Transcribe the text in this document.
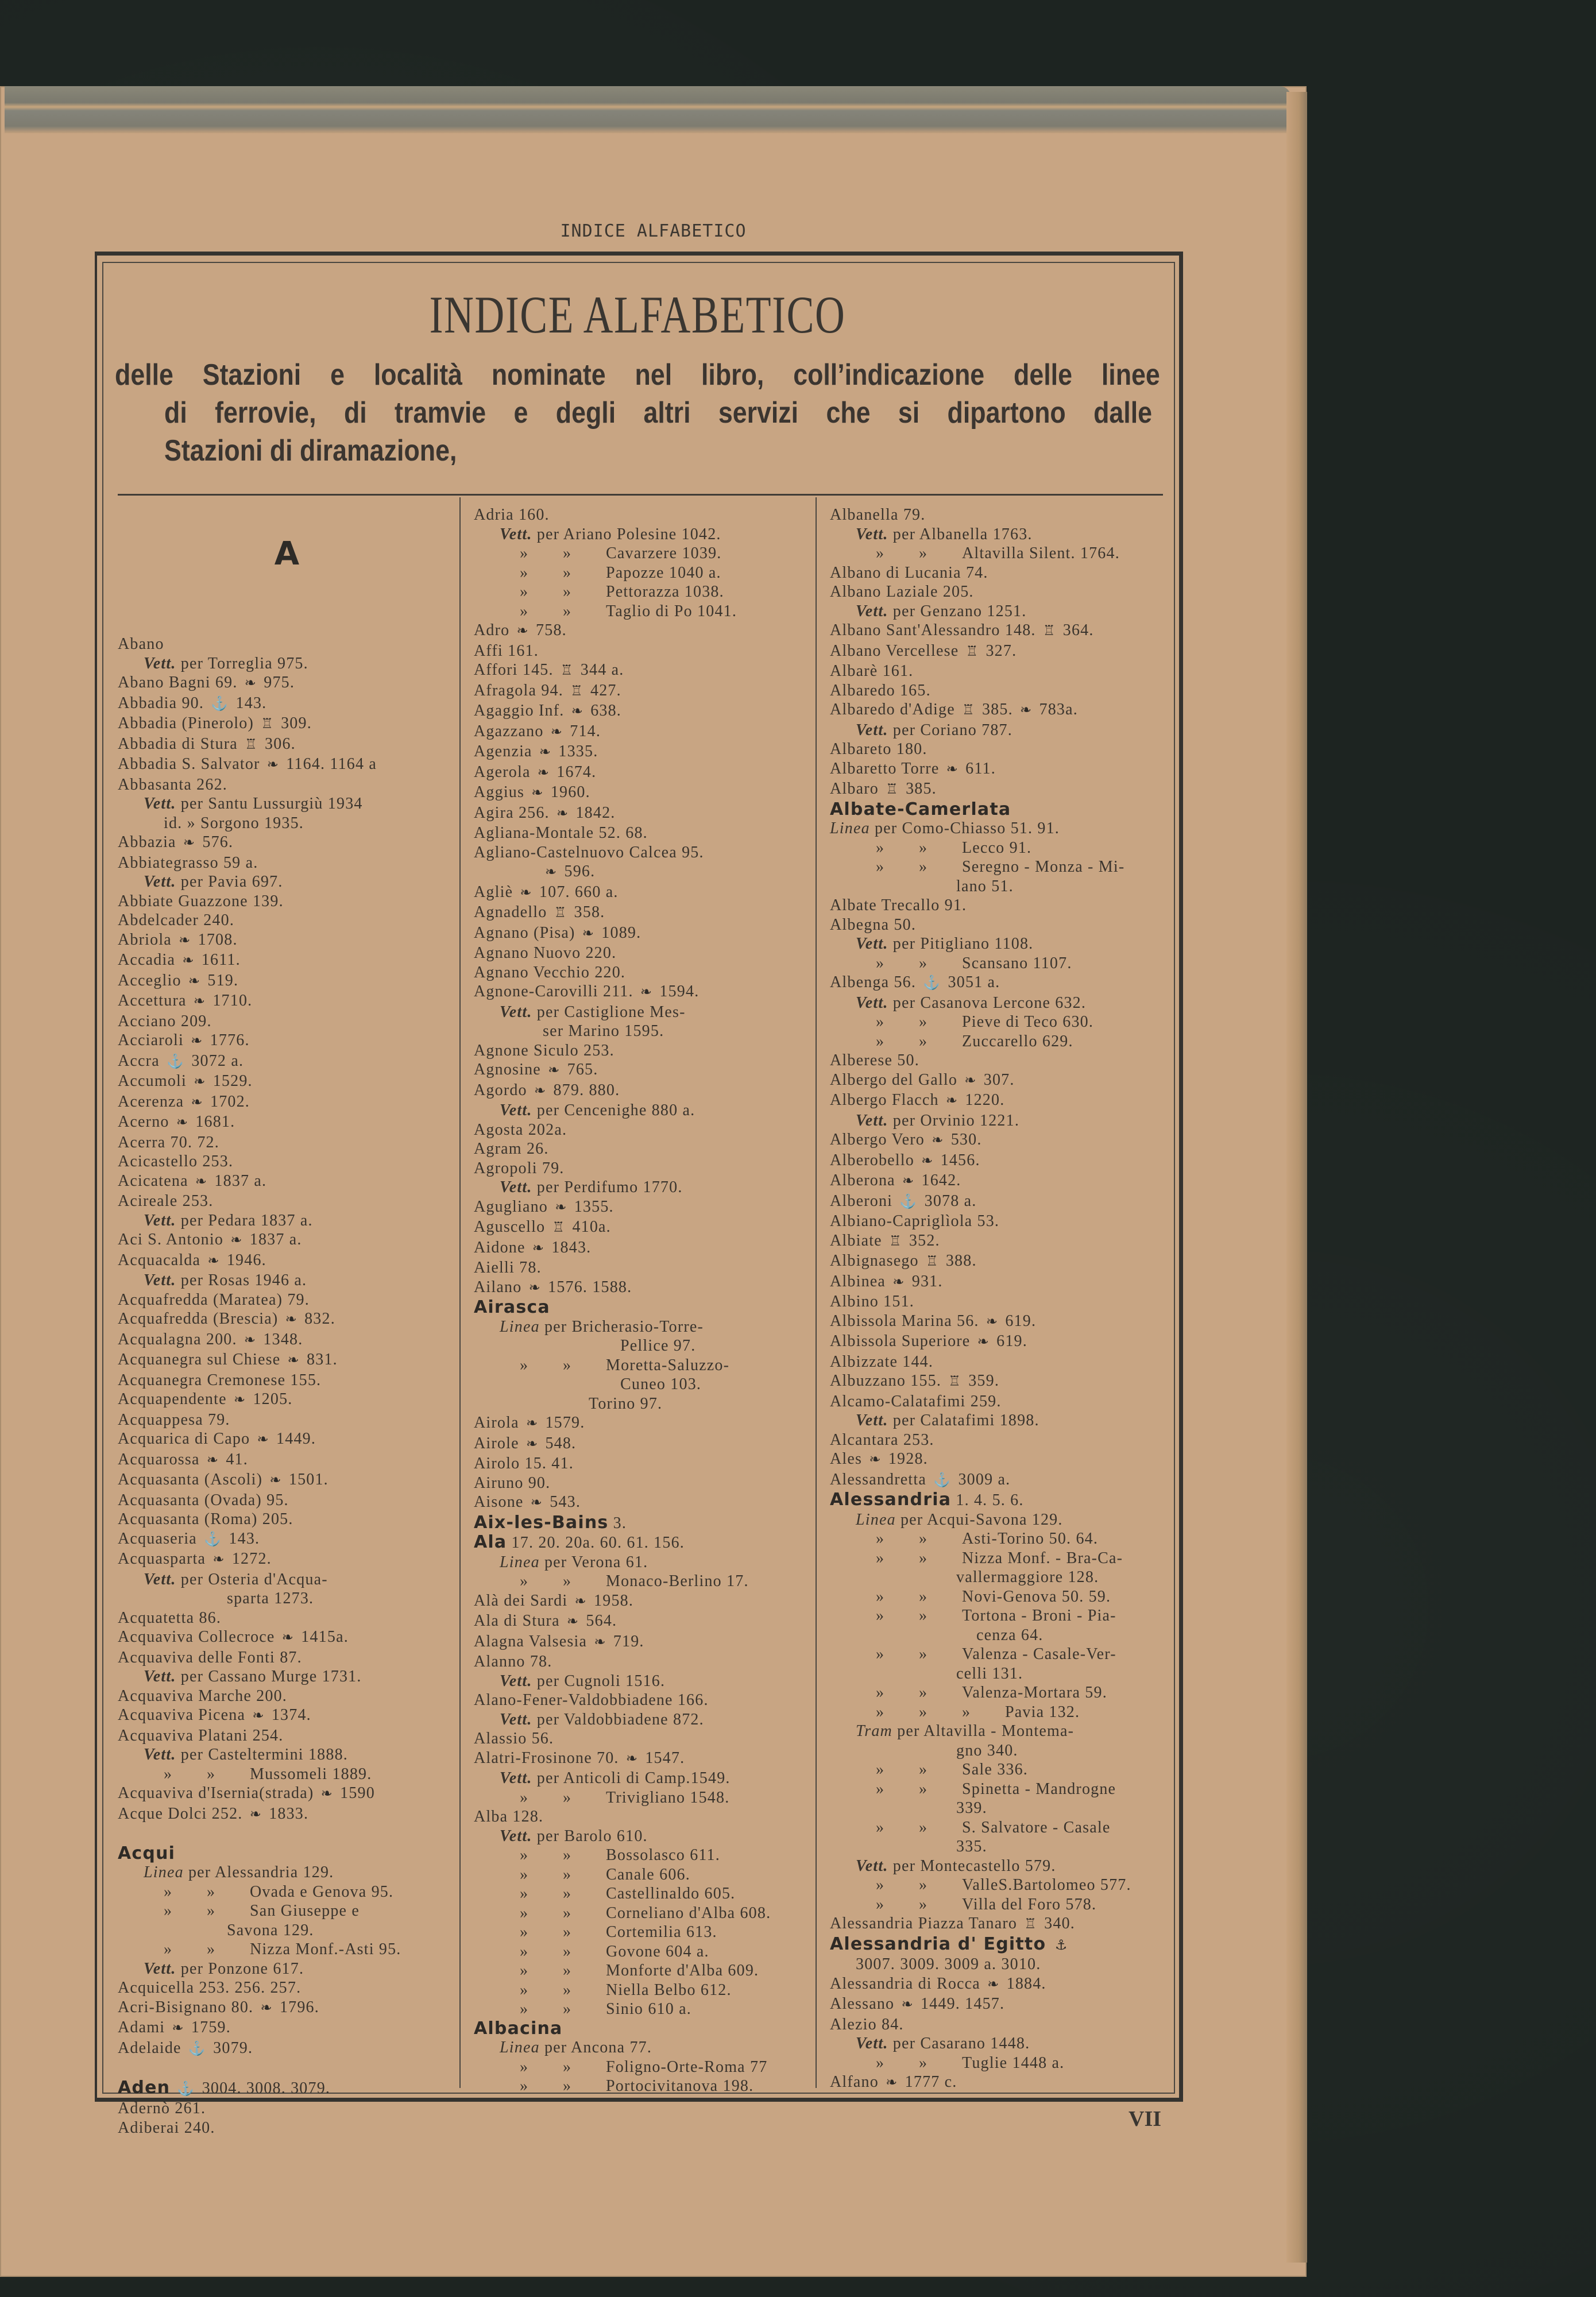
INDICE ALFABETICO
INDICE ALFABETICO
delle Stazioni e località nominate nel libro, coll’indicazione delle linee
di ferrovie, di tramvie e degli altri servizi che si dipartono dalle
Stazioni di diramazione,
A
Abano
Vett. per Torreglia 975.
Abano Bagni 69. ❧ 975.
Abbadia 90. ⚓ 143.
Abbadia (Pinerolo) ♖ 309.
Abbadia di Stura ♖ 306.
Abbadia S. Salvator ❧ 1164. 1164 a
Abbasanta 262.
Vett. per Santu Lussurgiù 1934
id. » Sorgono 1935.
Abbazia ❧ 576.
Abbiategrasso 59 a.
Vett. per Pavia 697.
Abbiate Guazzone 139.
Abdelcader 240.
Abriola ❧ 1708.
Accadia ❧ 1611.
Acceglio ❧ 519.
Accettura ❧ 1710.
Acciano 209.
Acciaroli ❧ 1776.
Accra ⚓ 3072 a.
Accumoli ❧ 1529.
Acerenza ❧ 1702.
Acerno ❧ 1681.
Acerra 70. 72.
Acicastello 253.
Acicatena ❧ 1837 a.
Acireale 253.
Vett. per Pedara 1837 a.
Aci S. Antonio ❧ 1837 a.
Acquacalda ❧ 1946.
Vett. per Rosas 1946 a.
Acquafredda (Maratea) 79.
Acquafredda (Brescia) ❧ 832.
Acqualagna 200. ❧ 1348.
Acquanegra sul Chiese ❧ 831.
Acquanegra Cremonese 155.
Acquapendente ❧ 1205.
Acquappesa 79.
Acquarica di Capo ❧ 1449.
Acquarossa ❧ 41.
Acquasanta (Ascoli) ❧ 1501.
Acquasanta (Ovada) 95.
Acquasanta (Roma) 205.
Acquaseria ⚓ 143.
Acquasparta ❧ 1272.
Vett. per Osteria d'Acqua-
sparta 1273.
Acquatetta 86.
Acquaviva Collecroce ❧ 1415a.
Acquaviva delle Fonti 87.
Vett. per Cassano Murge 1731.
Acquaviva Marche 200.
Acquaviva Picena ❧ 1374.
Acquaviva Platani 254.
Vett. per Casteltermini 1888.
» » Mussomeli 1889.
Acquaviva d'Isernia(strada) ❧ 1590
Acque Dolci 252. ❧ 1833.
Acqui
Linea per Alessandria 129.
» » Ovada e Genova 95.
» » San Giuseppe e
Savona 129.
» » Nizza Monf.-Asti 95.
Vett. per Ponzone 617.
Acquicella 253. 256. 257.
Acri-Bisignano 80. ❧ 1796.
Adami ❧ 1759.
Adelaide ⚓ 3079.
Aden ⚓ 3004. 3008. 3079.
Adernò 261.
Adiberai 240.
Adria 160.
Vett. per Ariano Polesine 1042.
» » Cavarzere 1039.
» » Papozze 1040 a.
» » Pettorazza 1038.
» » Taglio di Po 1041.
Adro ❧ 758.
Affi 161.
Affori 145. ♖ 344 a.
Afragola 94. ♖ 427.
Agaggio Inf. ❧ 638.
Agazzano ❧ 714.
Agenzia ❧ 1335.
Agerola ❧ 1674.
Aggius ❧ 1960.
Agira 256. ❧ 1842.
Agliana-Montale 52. 68.
Agliano-Castelnuovo Calcea 95.
❧ 596.
Agliè ❧ 107. 660 a.
Agnadello ♖ 358.
Agnano (Pisa) ❧ 1089.
Agnano Nuovo 220.
Agnano Vecchio 220.
Agnone-Carovilli 211. ❧ 1594.
Vett. per Castiglione Mes-
ser Marino 1595.
Agnone Siculo 253.
Agnosine ❧ 765.
Agordo ❧ 879. 880.
Vett. per Cencenighe 880 a.
Agosta 202a.
Agram 26.
Agropoli 79.
Vett. per Perdifumo 1770.
Agugliano ❧ 1355.
Aguscello ♖ 410a.
Aidone ❧ 1843.
Aielli 78.
Ailano ❧ 1576. 1588.
Airasca
Linea per Bricherasio-Torre-
Pellice 97.
» » Moretta-Saluzzo-
Cuneo 103.
Torino 97.
Airola ❧ 1579.
Airole ❧ 548.
Airolo 15. 41.
Airuno 90.
Aisone ❧ 543.
Aix-les-Bains 3.
Ala 17. 20. 20a. 60. 61. 156.
Linea per Verona 61.
» » Monaco-Berlino 17.
Alà dei Sardi ❧ 1958.
Ala di Stura ❧ 564.
Alagna Valsesia ❧ 719.
Alanno 78.
Vett. per Cugnoli 1516.
Alano-Fener-Valdobbiadene 166.
Vett. per Valdobbiadene 872.
Alassio 56.
Alatri-Frosinone 70. ❧ 1547.
Vett. per Anticoli di Camp.1549.
» » Trivigliano 1548.
Alba 128.
Vett. per Barolo 610.
» » Bossolasco 611.
» » Canale 606.
» » Castellinaldo 605.
» » Corneliano d'Alba 608.
» » Cortemilia 613.
» » Govone 604 a.
» » Monforte d'Alba 609.
» » Niella Belbo 612.
» » Sinio 610 a.
Albacina
Linea per Ancona 77.
» » Foligno-Orte-Roma 77
» » Portocivitanova 198.
Albanella 79.
Vett. per Albanella 1763.
» » Altavilla Silent. 1764.
Albano di Lucania 74.
Albano Laziale 205.
Vett. per Genzano 1251.
Albano Sant'Alessandro 148. ♖ 364.
Albano Vercellese ♖ 327.
Albarè 161.
Albaredo 165.
Albaredo d'Adige ♖ 385. ❧ 783a.
Vett. per Coriano 787.
Albareto 180.
Albaretto Torre ❧ 611.
Albaro ♖ 385.
Albate-Camerlata
Linea per Como-Chiasso 51. 91.
» » Lecco 91.
» » Seregno - Monza - Mi-
lano 51.
Albate Trecallo 91.
Albegna 50.
Vett. per Pitigliano 1108.
» » Scansano 1107.
Albenga 56. ⚓ 3051 a.
Vett. per Casanova Lercone 632.
» » Pieve di Teco 630.
» » Zuccarello 629.
Alberese 50.
Albergo del Gallo ❧ 307.
Albergo Flacch ❧ 1220.
Vett. per Orvinio 1221.
Albergo Vero ❧ 530.
Alberobello ❧ 1456.
Alberona ❧ 1642.
Alberoni ⚓ 3078 a.
Albiano-Capriglìola 53.
Albiate ♖ 352.
Albignasego ♖ 388.
Albinea ❧ 931.
Albino 151.
Albissola Marina 56. ❧ 619.
Albissola Superiore ❧ 619.
Albizzate 144.
Albuzzano 155. ♖ 359.
Alcamo-Calatafimi 259.
Vett. per Calatafimi 1898.
Alcantara 253.
Ales ❧ 1928.
Alessandretta ⚓ 3009 a.
Alessandria 1. 4. 5. 6.
Linea per Acqui-Savona 129.
» » Asti-Torino 50. 64.
» » Nizza Monf. - Bra-Ca-
vallermaggiore 128.
» » Novi-Genova 50. 59.
» » Tortona - Broni - Pia-
cenza 64.
» » Valenza - Casale-Ver-
celli 131.
» » Valenza-Mortara 59.
» » » Pavia 132.
Tram per Altavilla - Montema-
gno 340.
» » Sale 336.
» » Spinetta - Mandrogne
339.
» » S. Salvatore - Casale
335.
Vett. per Montecastello 579.
» » ValleS.Bartolomeo 577.
» » Villa del Foro 578.
Alessandria Piazza Tanaro ♖ 340.
Alessandria d' Egitto ⚓
3007. 3009. 3009 a. 3010.
Alessandria di Rocca ❧ 1884.
Alessano ❧ 1449. 1457.
Alezio 84.
Vett. per Casarano 1448.
» » Tuglie 1448 a.
Alfano ❧ 1777 c.
VII
